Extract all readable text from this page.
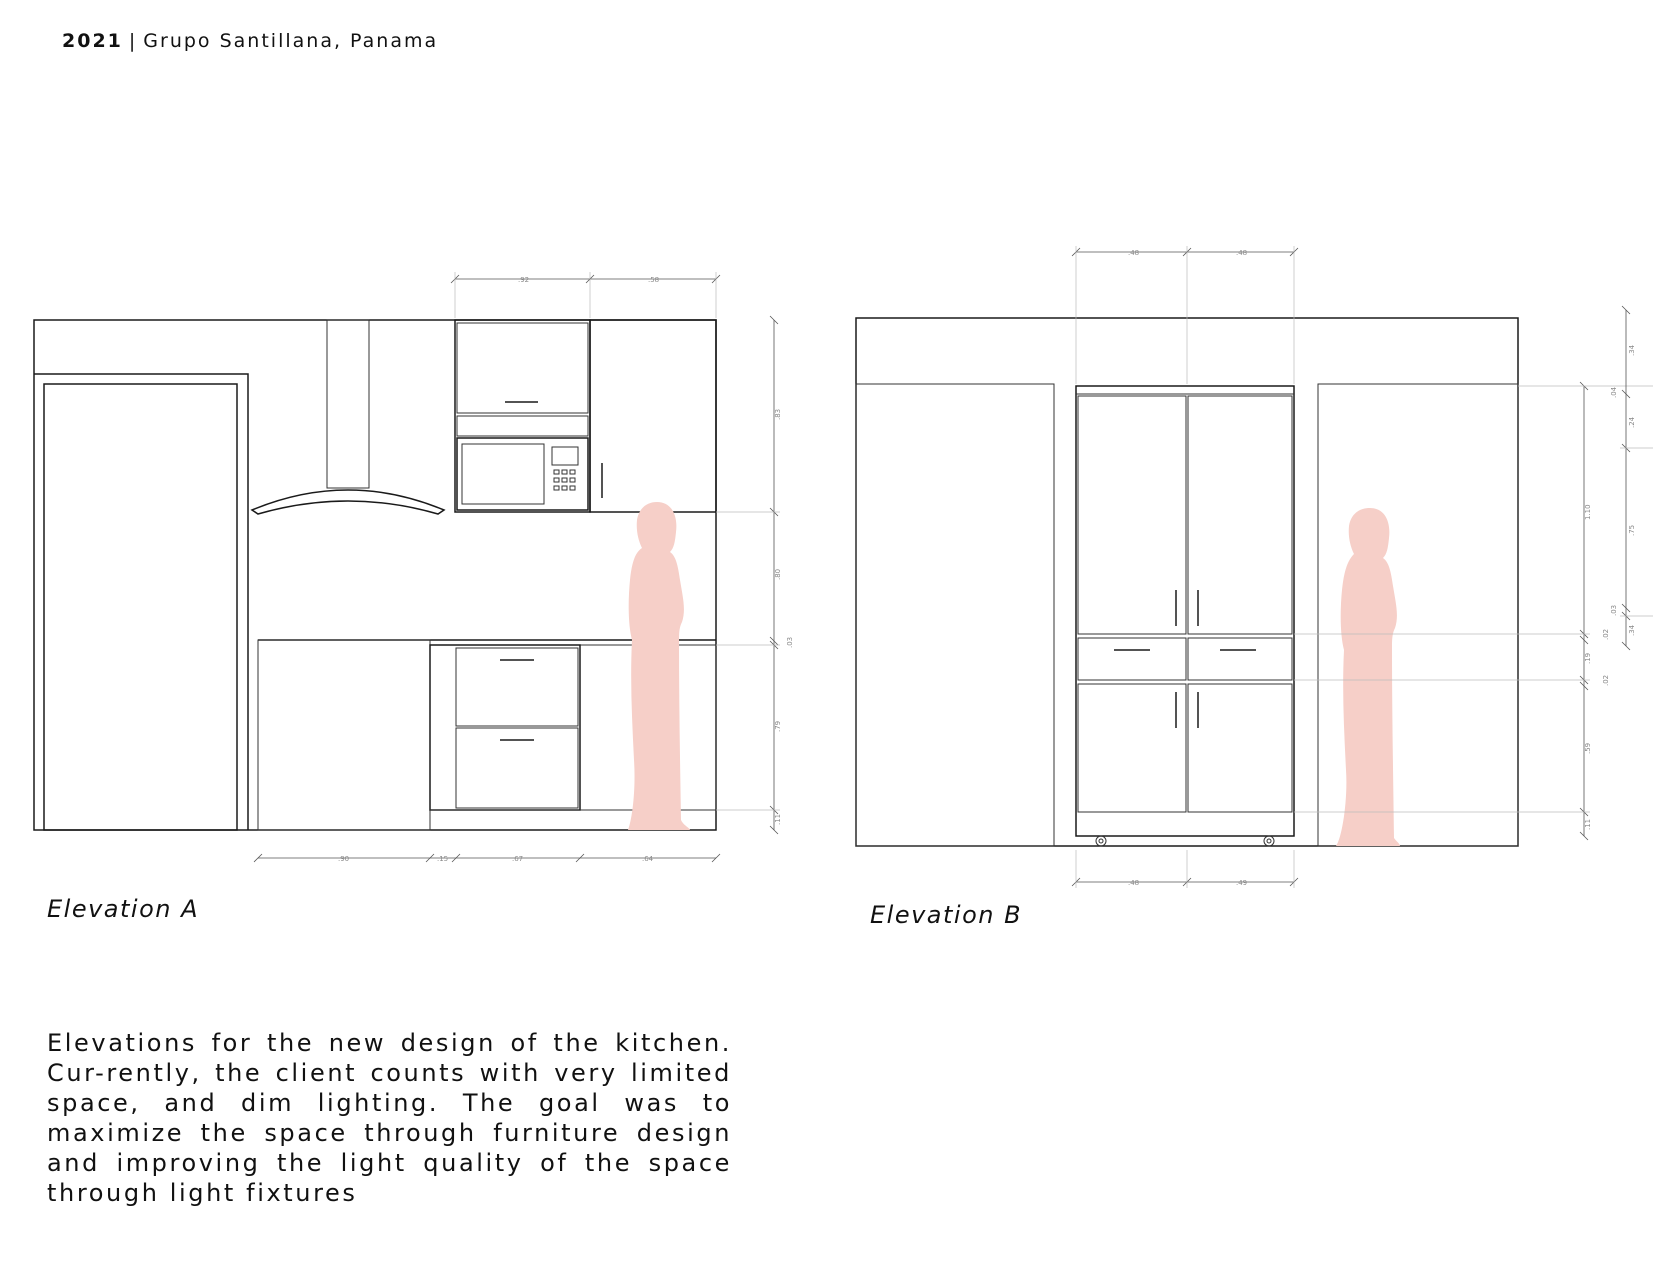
2021 | Grupo Santillana, Panama
.92	.58
.90	.15	.67	.64
.83
.80
.03
.79
.11
.48	.48
.48	.49
1.10
.02
.19
.02
.59
.11
.34
.04
.24
.75
.03
.34
Elevation A	Elevation B
Elevations for the new design of the kitchen. Cur-rently, the client counts with very limited space, and dim lighting. The goal was to maximize the space through furniture design and improving the light quality of the space through light fixtures
